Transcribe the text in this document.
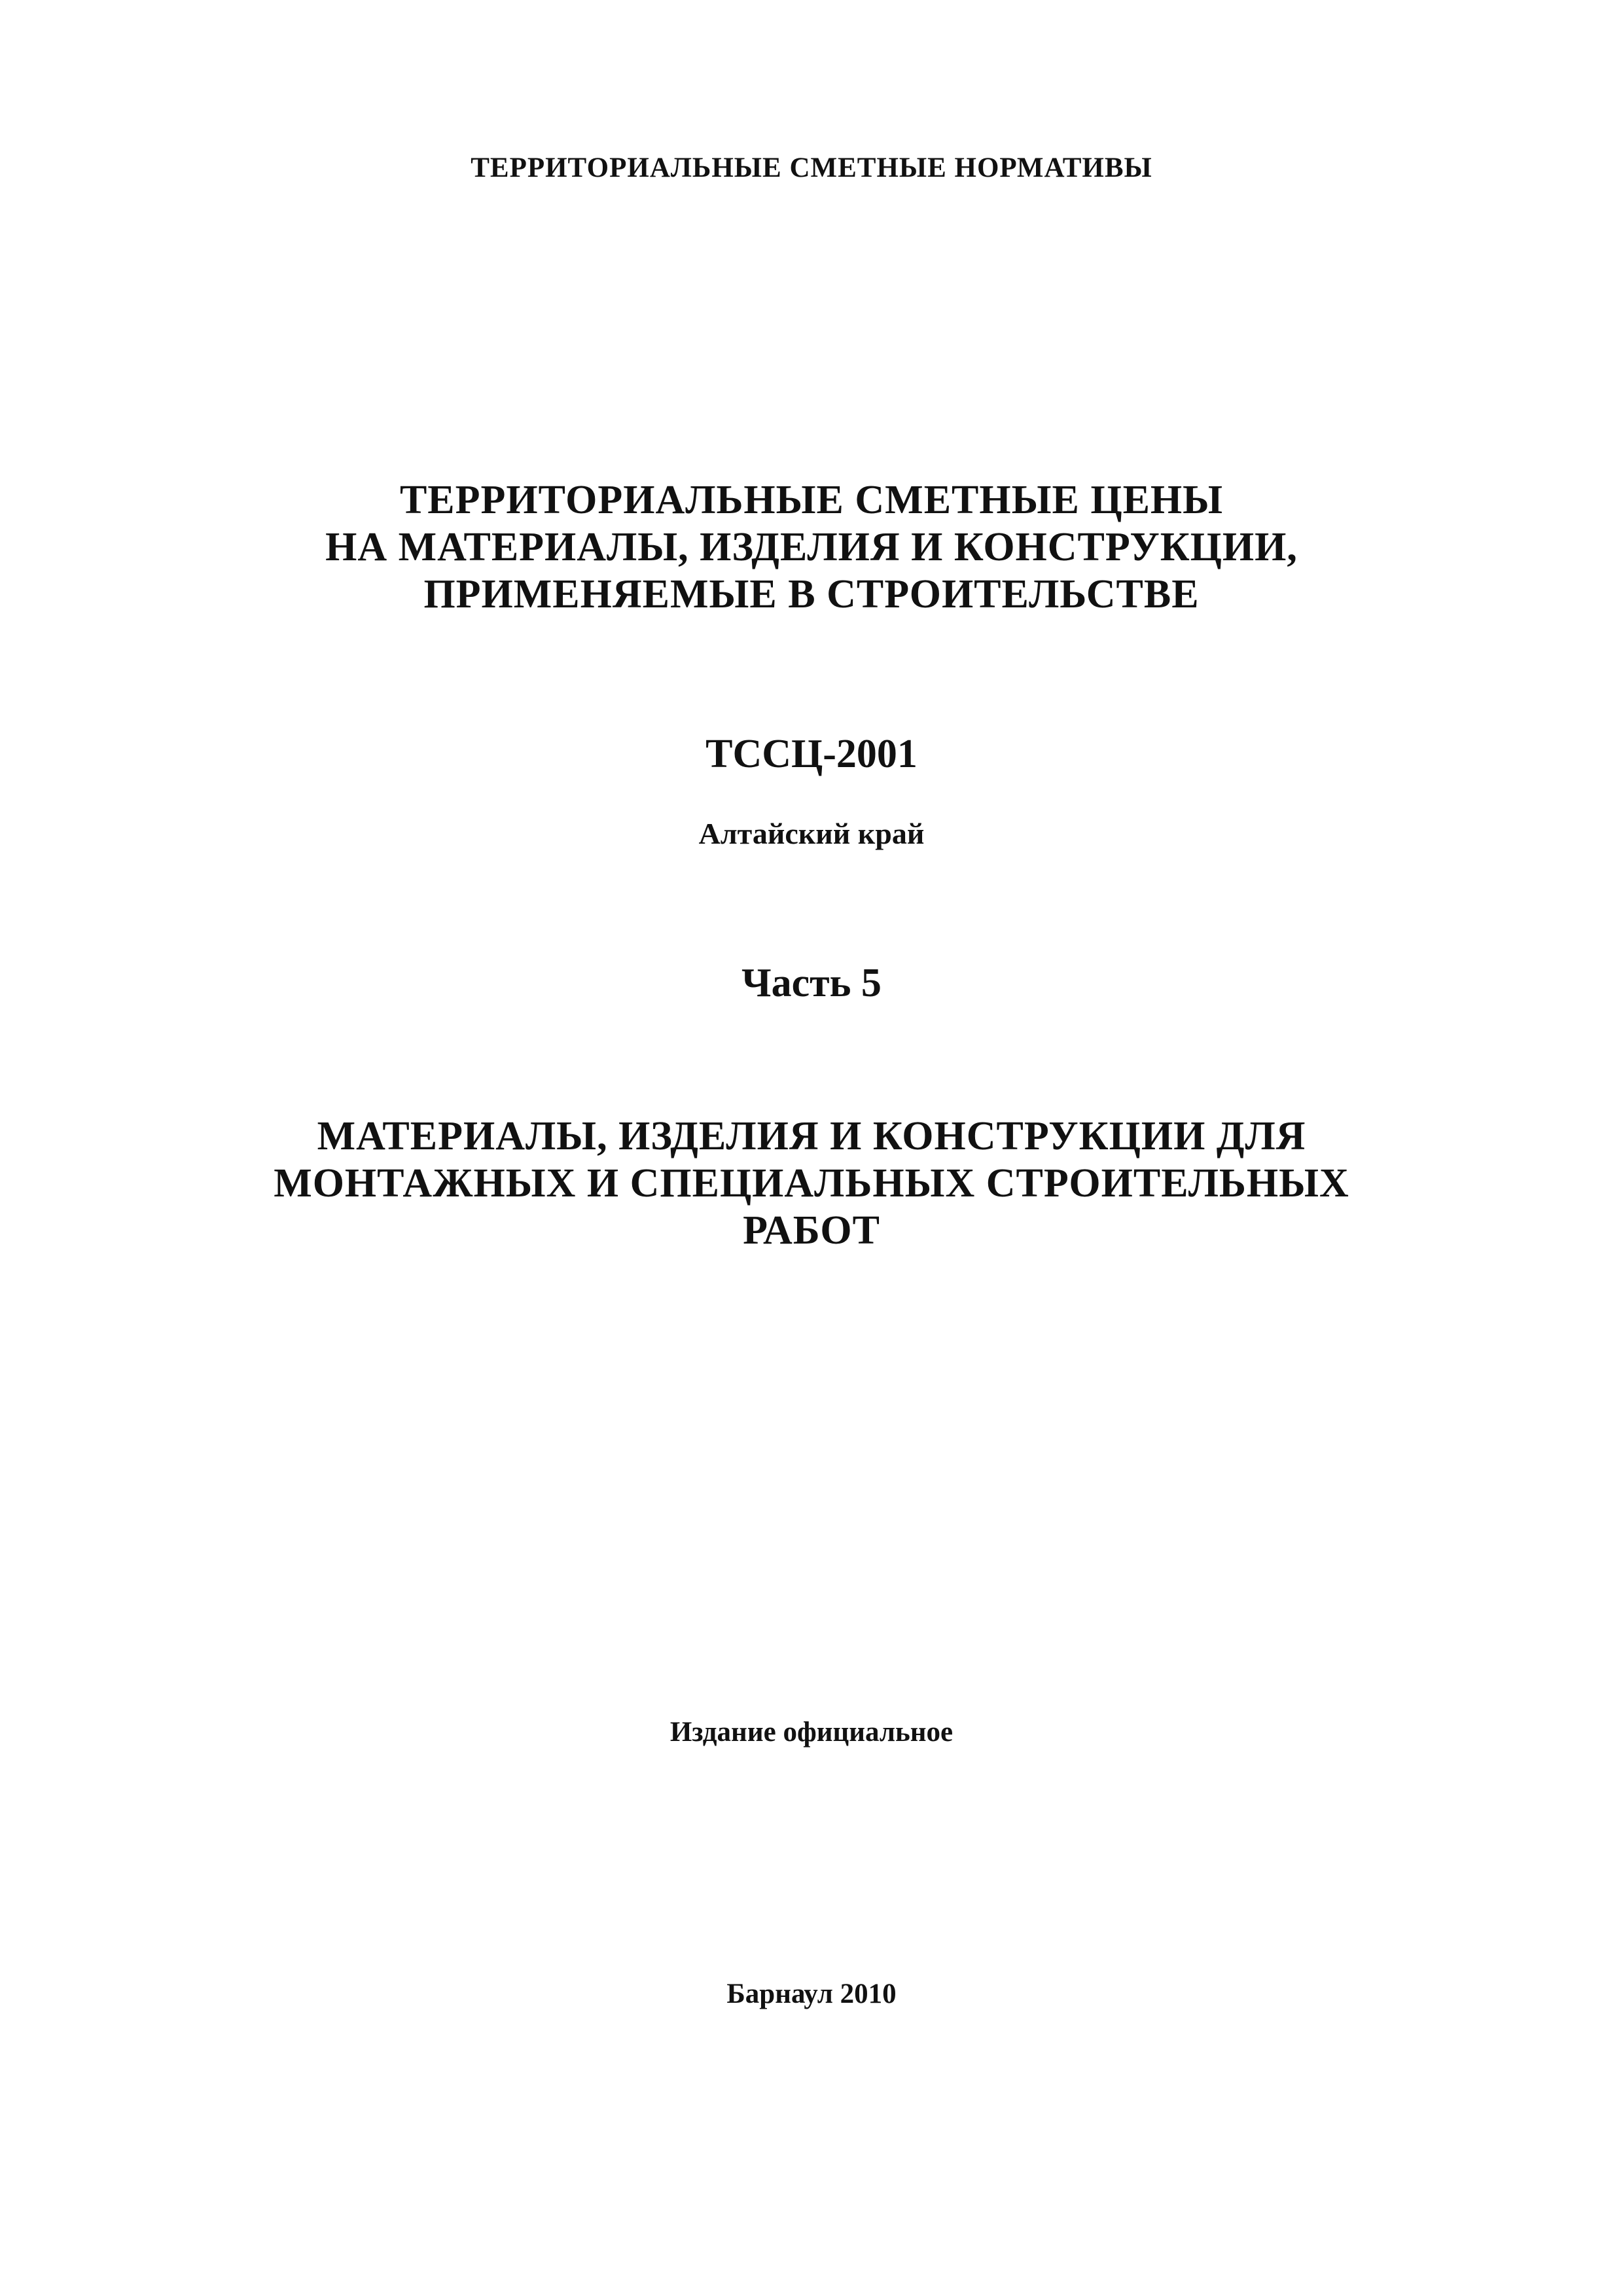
ТЕРРИТОРИАЛЬНЫЕ СМЕТНЫЕ НОРМАТИВЫ
ТЕРРИТОРИАЛЬНЫЕ СМЕТНЫЕ ЦЕНЫ
НА МАТЕРИАЛЫ, ИЗДЕЛИЯ И КОНСТРУКЦИИ,
ПРИМЕНЯЕМЫЕ В СТРОИТЕЛЬСТВЕ
ТССЦ-2001
Алтайский край
Часть 5
МАТЕРИАЛЫ, ИЗДЕЛИЯ И КОНСТРУКЦИИ ДЛЯ
МОНТАЖНЫХ И СПЕЦИАЛЬНЫХ СТРОИТЕЛЬНЫХ
РАБОТ
Издание официальное
Барнаул 2010
